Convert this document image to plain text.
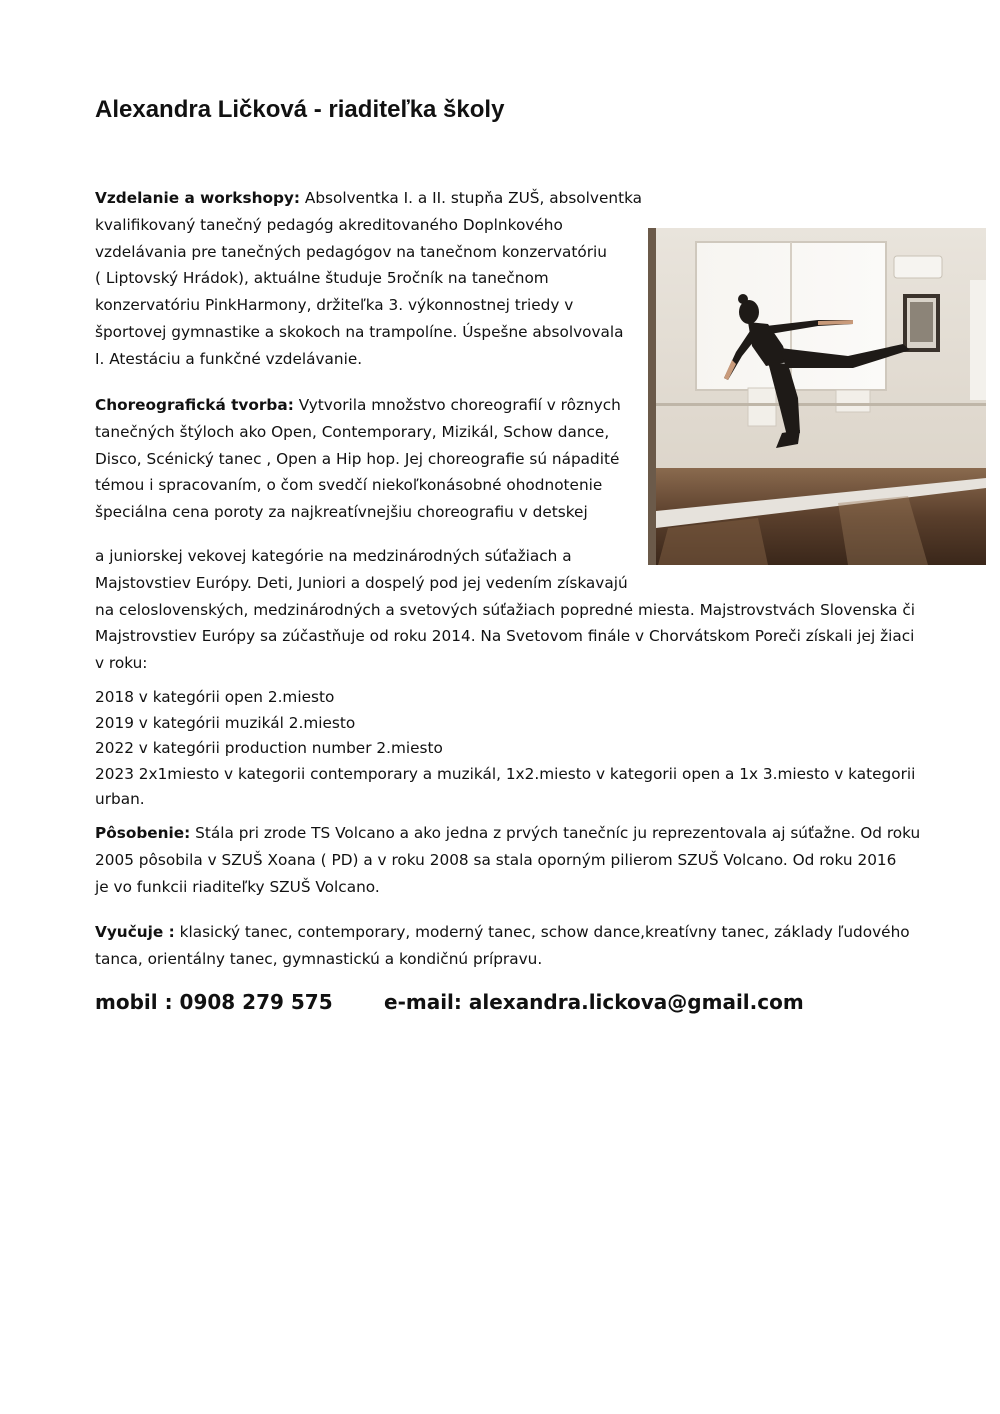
Alexandra Ličková - riaditeľka školy

Vzdelanie a workshopy: Absolventka I. a II. stupňa ZUŠ, absolventka
kvalifikovaný tanečný pedagóg akreditovaného Doplnkového
vzdelávania pre tanečných pedagógov na tanečnom konzervatóriu
( Liptovský Hrádok), aktuálne študuje 5ročník na tanečnom
konzervatóriu PinkHarmony, držiteľka 3. výkonnostnej triedy v
športovej gymnastike a skokoch na trampolíne. Úspešne absolvovala
I. Atestáciu a funkčné vzdelávanie.

Choreografická tvorba: Vytvorila množstvo choreografií v rôznych
tanečných štýloch ako Open, Contemporary, Mizikál, Schow dance,
Disco, Scénický tanec , Open a Hip hop. Jej choreografie sú nápadité
témou i spracovaním, o čom svedčí niekoľkonásobné ohodnotenie
špeciálna cena poroty za najkreatívnejšiu choreografiu v detskej

a juniorskej vekovej kategórie na medzinárodných súťažiach a
Majstovstiev Európy. Deti, Juniori a dospelý pod jej vedením získavajú
na celoslovenských, medzinárodných a svetových súťažiach popredné miesta. Majstrovstvách Slovenska či
Majstrovstiev Európy sa zúčastňuje od roku 2014. Na Svetovom finále v Chorvátskom Poreči získali jej žiaci
v roku:

2018 v kategórii open 2.miesto
2019 v kategórii muzikál 2.miesto
2022 v kategórii production number 2.miesto
2023 2x1miesto v kategorii contemporary a muzikál, 1x2.miesto v kategorii open a 1x 3.miesto v kategorii
urban.

Pôsobenie: Stála pri zrode TS Volcano a ako jedna z prvých tanečníc ju reprezentovala aj súťažne. Od roku
2005 pôsobila v SZUŠ Xoana ( PD) a v roku 2008 sa stala oporným pilierom SZUŠ Volcano. Od roku 2016
je vo funkcii riaditeľky SZUŠ Volcano.

Vyučuje : klasický tanec, contemporary, moderný tanec, schow dance,kreatívny tanec, základy ľudového
tanca, orientálny tanec, gymnastickú a kondičnú prípravu.

mobil : 0908 279 575	e-mail: alexandra.lickova@gmail.com
